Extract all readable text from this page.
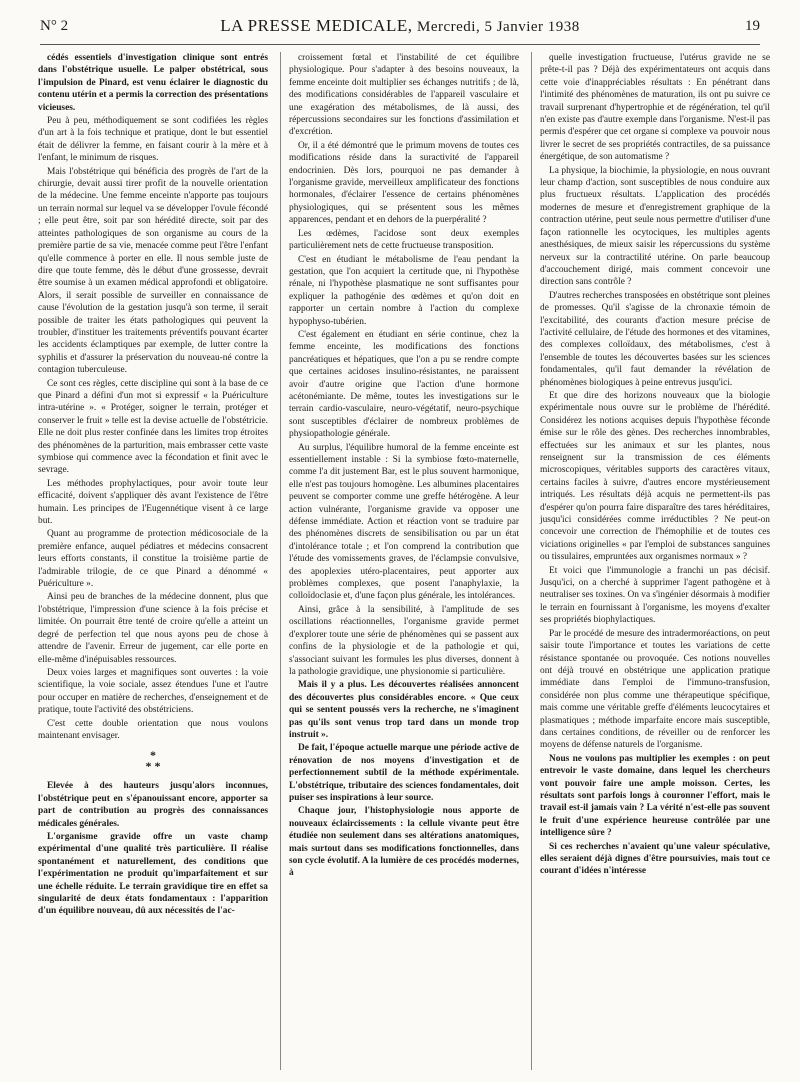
N° 2	LA PRESSE MEDICALE, Mercredi, 5 Janvier 1938	19

cédés essentiels d'investigation clinique sont entrés dans l'obstétrique usuelle. Le palper obstétrical, sous l'impulsion de Pinard, est venu éclairer le diagnostic du contenu utérin et a permis la correction des présentations vicieuses.

Peu à peu, méthodiquement se sont codifiées les règles d'un art à la fois technique et pratique, dont le but essentiel était de délivrer la femme, en faisant courir à la mère et à l'enfant, le minimum de risques.

Mais l'obstétrique qui bénéficia des progrès de l'art de la chirurgie, devait aussi tirer profit de la nouvelle orientation de la médecine. Une femme enceinte n'apporte pas toujours un terrain normal sur lequel va se développer l'ovule fécondé ; elle peut être, soit par son hérédité directe, soit par des atteintes pathologiques de son organisme au cours de la première partie de sa vie, menacée comme peut l'être l'enfant qu'elle commence à porter en elle. Il nous semble juste de dire que toute femme, dès le début d'une grossesse, devrait être soumise à un examen médical approfondi et obligatoire. Alors, il serait possible de surveiller en connaissance de cause l'évolution de la gestation jusqu'à son terme, il serait possible de traiter les états pathologiques qui peuvent la troubler, d'instituer les traitements préventifs pouvant écarter les accidents éclamptiques par exemple, de lutter contre la syphilis et d'assurer la préservation du nouveau-né contre la contagion tuberculeuse.

Ce sont ces règles, cette discipline qui sont à la base de ce que Pinard a défini d'un mot si expressif « la Puériculture intra-utérine ». « Protéger, soigner le terrain, protéger et conserver le fruit » telle est la devise actuelle de l'obstétricie. Elle ne doit plus rester confinée dans les limites trop étroites des phénomènes de la parturition, mais embrasser cette vaste symbiose qui commence avec la fécondation et finit avec le sevrage.

Les méthodes prophylactiques, pour avoir toute leur efficacité, doivent s'appliquer dès avant l'existence de l'être humain. Les principes de l'Eugennétique visent à ce large but.

Quant au programme de protection médicosociale de la première enfance, auquel pédiatres et médecins consacrent leurs efforts constants, il constitue la troisième partie de l'admirable trilogie, de ce que Pinard a dénommé « Puériculture ».

Ainsi peu de branches de la médecine donnent, plus que l'obstétrique, l'impression d'une science à la fois précise et limitée. On pourrait être tenté de croire qu'elle a atteint un degré de perfection tel que nous ayons peu de chose à attendre de l'avenir. Erreur de jugement, car elle porte en elle-même d'inépuisables ressources.

Deux voies larges et magnifiques sont ouvertes : la voie scientifique, la voie sociale, assez étendues l'une et l'autre pour occuper en matière de recherches, d'enseignement et de pratique, toute l'activité des obstétriciens.

C'est cette double orientation que nous voulons maintenant envisager.

*
* *

Elevée à des hauteurs jusqu'alors inconnues, l'obstétrique peut en s'épanouissant encore, apporter sa part de contribution au progrès des connaissances médicales générales.

L'organisme gravide offre un vaste champ expérimental d'une qualité très particulière. Il réalise spontanément et naturellement, des conditions que l'expérimentation ne produit qu'imparfaitement et sur une échelle réduite. Le terrain gravidique tire en effet sa singularité de deux états fondamentaux : l'apparition d'un équilibre nouveau, dû aux nécessités de l'ac-

croissement fœtal et l'instabilité de cet équilibre physiologique. Pour s'adapter à des besoins nouveaux, la femme enceinte doit multiplier ses échanges nutritifs ; de là, des modifications considérables de l'appareil vasculaire et une exagération des métabolismes, de là aussi, des répercussions secondaires sur les fonctions d'assimilation et d'excrétion.

Or, il a été démontré que le primum movens de toutes ces modifications réside dans la suractivité de l'appareil endocrinien. Dès lors, pourquoi ne pas demander à l'organisme gravide, merveilleux amplificateur des fonctions hormonales, d'éclairer l'essence de certains phénomènes physiologiques, qui se présentent sous les mêmes apparences, pendant et en dehors de la puerpéralité ?

Les œdèmes, l'acidose sont deux exemples particulièrement nets de cette fructueuse transposition.

C'est en étudiant le métabolisme de l'eau pendant la gestation, que l'on acquiert la certitude que, ni l'hypothèse rénale, ni l'hypothèse plasmatique ne sont suffisantes pour expliquer la pathogénie des œdèmes et qu'on doit en rapporter un certain nombre à l'action du complexe hypophyso-tubérien.

C'est également en étudiant en série continue, chez la femme enceinte, les modifications des fonctions pancréatiques et hépatiques, que l'on a pu se rendre compte que certaines acidoses insulino-résistantes, ne paraissent avoir d'autre origine que l'action d'une hormone acétonémiante. De même, toutes les investigations sur le terrain cardio-vasculaire, neuro-végétatif, neuro-psychique sont susceptibles d'éclairer de nombreux problèmes de physiopathologie générale.

Au surplus, l'équilibre humoral de la femme enceinte est essentiellement instable : Si la symbiose fœto-maternelle, comme l'a dit justement Bar, est le plus souvent harmonique, elle n'est pas toujours homogène. Les albumines placentaires peuvent se comporter comme une greffe hétérogène. A leur action vulnérante, l'organisme gravide va opposer une défense immédiate. Action et réaction vont se traduire par des phénomènes discrets de sensibilisation ou par un état d'intolérance totale ; et l'on comprend la contribution que l'étude des vomissements graves, de l'éclampsie convulsive, des apoplexies utéro-placentaires, peut apporter aux problèmes complexes, que posent l'anaphylaxie, la colloïdoclasie et, d'une façon plus générale, les intolérances.

Ainsi, grâce à la sensibilité, à l'amplitude de ses oscillations réactionnelles, l'organisme gravide permet d'explorer toute une série de phénomènes qui se passent aux confins de la physiologie et de la pathologie et qui, s'associant suivant les formules les plus diverses, donnent à la pathologie gravidique, une physionomie si particulière.

Mais il y a plus. Les découvertes réalisées annoncent des découvertes plus considérables encore. « Que ceux qui se sentent poussés vers la recherche, ne s'imaginent pas qu'ils sont venus trop tard dans un monde trop instruit ».

De fait, l'époque actuelle marque une période active de rénovation de nos moyens d'investigation et de perfectionnement subtil de la méthode expérimentale. L'obstétrique, tributaire des sciences fondamentales, doit puiser ses inspirations à leur source.

Chaque jour, l'histophysiologie nous apporte de nouveaux éclaircissements : la cellule vivante peut être étudiée non seulement dans ses altérations anatomiques, mais surtout dans ses modifications fonctionnelles, dans son cycle évolutif. A la lumière de ces procédés modernes, à

quelle investigation fructueuse, l'utérus gravide ne se prête-t-il pas ? Déjà des expérimentateurs ont acquis dans cette voie d'inappréciables résultats : En pénétrant dans l'intimité des phénomènes de maturation, ils ont pu suivre ce travail surprenant d'hypertrophie et de régénération, tel qu'il n'en existe pas d'autre exemple dans l'organisme. N'est-il pas permis d'espérer que cet organe si complexe va pouvoir nous livrer le secret de ses propriétés contractiles, de sa puissance énergétique, de son automatisme ?

La physique, la biochimie, la physiologie, en nous ouvrant leur champ d'action, sont susceptibles de nous conduire aux plus fructueux résultats. L'application des procédés modernes de mesure et d'enregistrement graphique de la contraction utérine, peut seule nous permettre d'utiliser d'une façon rationnelle les ocytociques, les multiples agents anesthésiques, de mieux saisir les répercussions du système nerveux sur la contractilité utérine. On parle beaucoup d'accouchement dirigé, mais comment concevoir une direction sans contrôle ?

D'autres recherches transposées en obstétrique sont pleines de promesses. Qu'il s'agisse de la chronaxie témoin de l'excitabilité, des courants d'action mesure précise de l'activité cellulaire, de l'étude des hormones et des vitamines, des complexes colloïdaux, des métabolismes, c'est à l'ensemble de toutes les découvertes basées sur les sciences fondamentales, qu'il faut demander la révélation de phénomènes biologiques à peine entrevus jusqu'ici.

Et que dire des horizons nouveaux que la biologie expérimentale nous ouvre sur le problème de l'hérédité. Considérez les notions acquises depuis l'hypothèse féconde émise sur le rôle des gènes. Des recherches innombrables, effectuées sur les animaux et sur les plantes, nous renseignent sur la transmission de ces éléments microscopiques, véritables supports des caractères vitaux, certains faciles à suivre, d'autres encore mystérieusement intriqués. Les résultats déjà acquis ne permettent-ils pas d'espérer qu'on pourra faire disparaître des tares héréditaires, jusqu'ici considérées comme irréductibles ? Ne peut-on concevoir une correction de l'hémophilie et de toutes ces viciations originelles « par l'emploi de substances sanguines ou tissulaires, empruntées aux organismes normaux » ?

Et voici que l'immunologie a franchi un pas décisif. Jusqu'ici, on a cherché à supprimer l'agent pathogène et à neutraliser ses toxines. On va s'ingénier désormais à modifier le terrain en fournissant à l'organisme, les moyens d'exalter ses propriétés biophylactiques.

Par le procédé de mesure des intradermoréactions, on peut saisir toute l'importance et toutes les variations de cette résistance spontanée ou provoquée. Ces notions nouvelles ont déjà trouvé en obstétrique une application pratique immédiate dans l'emploi de l'immuno-transfusion, considérée non plus comme une thérapeutique spécifique, mais comme une véritable greffe d'éléments leucocytaires et plasmatiques ; méthode imparfaite encore mais susceptible, dans certaines conditions, de réveiller ou de renforcer les moyens de défense naturels de l'organisme.

Nous ne voulons pas multiplier les exemples : on peut entrevoir le vaste domaine, dans lequel les chercheurs vont pouvoir faire une ample moisson. Certes, les résultats sont parfois longs à couronner l'effort, mais le travail est-il jamais vain ? La vérité n'est-elle pas souvent le fruit d'une expérience heureuse contrôlée par une intelligence sûre ?

Si ces recherches n'avaient qu'une valeur spéculative, elles seraient déjà dignes d'être poursuivies, mais tout ce courant d'idées n'intéresse
